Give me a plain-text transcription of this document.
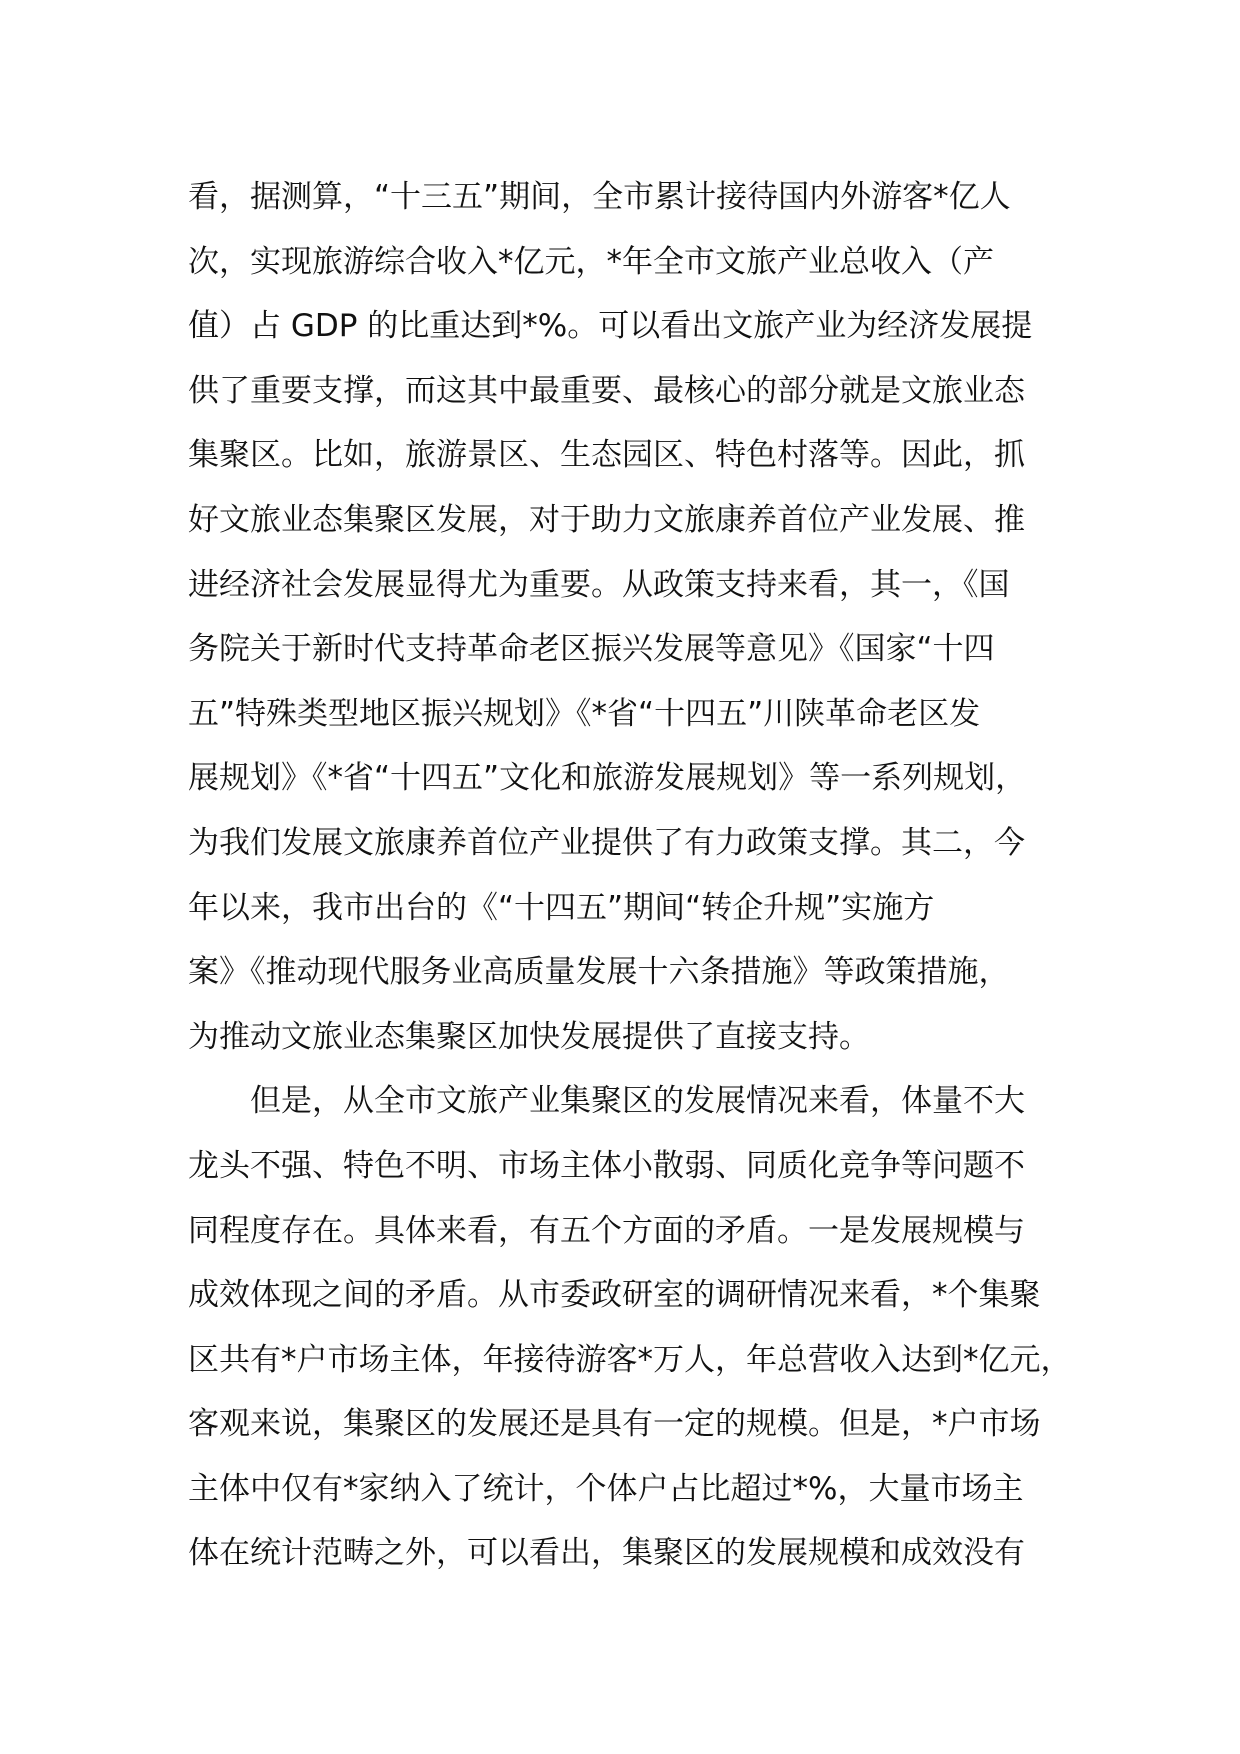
看，据测算，“十三五”期间，全市累计接待国内外游客*亿人
次，实现旅游综合收入*亿元，*年全市文旅产业总收入（产
值）占 GDP 的比重达到*%。可以看出文旅产业为经济发展提
供了重要支撑，而这其中最重要、最核心的部分就是文旅业态
集聚区。比如，旅游景区、生态园区、特色村落等。因此，抓
好文旅业态集聚区发展，对于助力文旅康养首位产业发展、推
进经济社会发展显得尤为重要。从政策支持来看，其一，《国
务院关于新时代支持革命老区振兴发展等意见》《国家“十四
五”特殊类型地区振兴规划》《*省“十四五”川陕革命老区发
展规划》《*省“十四五”文化和旅游发展规划》等一系列规划，
为我们发展文旅康养首位产业提供了有力政策支撑。其二，今
年以来，我市出台的《“十四五”期间“转企升规”实施方
案》《推动现代服务业高质量发展十六条措施》等政策措施，
为推动文旅业态集聚区加快发展提供了直接支持。
但是，从全市文旅产业集聚区的发展情况来看，体量不大
龙头不强、特色不明、市场主体小散弱、同质化竞争等问题不
同程度存在。具体来看，有五个方面的矛盾。一是发展规模与
成效体现之间的矛盾。从市委政研室的调研情况来看，*个集聚
区共有*户市场主体，年接待游客*万人，年总营收入达到*亿元，
客观来说，集聚区的发展还是具有一定的规模。但是，*户市场
主体中仅有*家纳入了统计，个体户占比超过*%，大量市场主
体在统计范畴之外，可以看出，集聚区的发展规模和成效没有
